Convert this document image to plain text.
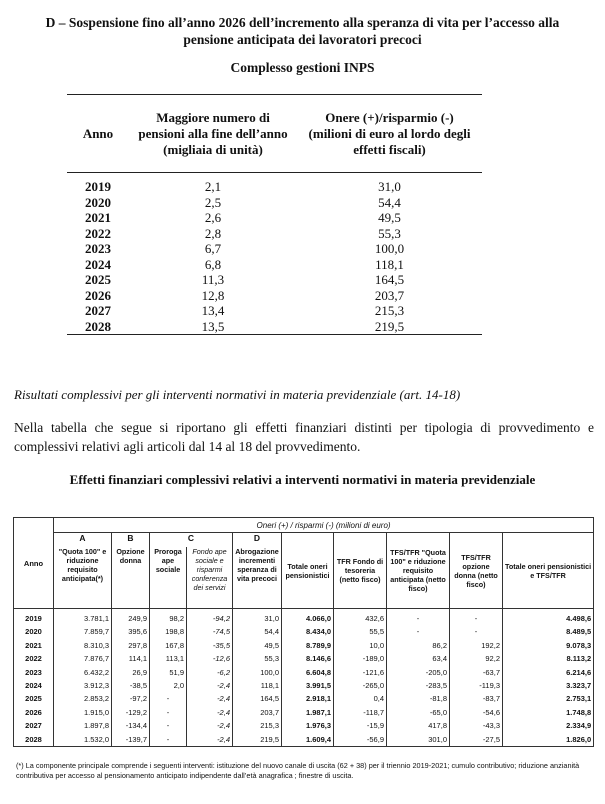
D – Sospensione fino all’anno 2026 dell’incremento alla speranza di vita per l’accesso alla pensione anticipata dei lavoratori precoci
Complesso gestioni INPS
Anno	Maggiore numero di pensioni alla fine dell’anno (migliaia di unità)	Onere (+)/risparmio (-) (milioni di euro al lordo degli effetti fiscali)
2019	2,1	31,0
2020	2,5	54,4
2021	2,6	49,5
2022	2,8	55,3
2023	6,7	100,0
2024	6,8	118,1
2025	11,3	164,5
2026	12,8	203,7
2027	13,4	215,3
2028	13,5	219,5
Risultati complessivi per gli interventi normativi in materia previdenziale (art. 14-18)
Nella tabella che segue si riportano gli effetti finanziari distinti per tipologia di provvedimento e complessivi relativi agli articoli dal 14 al 18 del provvedimento.
Effetti finanziari complessivi relativi a interventi normativi in materia previdenziale
Anno	Oneri (+) / risparmi (-) (milioni di euro)									
	A	B	C		D	Totale oneri pensionistici	TFR Fondo di tesoreria (netto fisco)	TFS/TFR "Quota 100" e riduzione requisito anticipata (netto fisco)	TFS/TFR opzione donna (netto fisco)	Totale oneri pensionistici e TFS/TFR
	"Quota 100" e riduzione requisito anticipata(*)	Opzione donna	Proroga ape sociale	Fondo ape sociale e risparmi conferenza dei servizi	Abrogazione incrementi speranza di vita precoci					
2019	3.781,1	249,9	98,2	-94,2	31,0	4.066,0	432,6	-	-	4.498,6
2020	7.859,7	395,6	198,8	-74,5	54,4	8.434,0	55,5	-	-	8.489,5
2021	8.310,3	297,8	167,8	-35,5	49,5	8.789,9	10,0	86,2	192,2	9.078,3
2022	7.876,7	114,1	113,1	-12,6	55,3	8.146,6	-189,0	63,4	92,2	8.113,2
2023	6.432,2	26,9	51,9	-6,2	100,0	6.604,8	-121,6	-205,0	-63,7	6.214,6
2024	3.912,3	-38,5	2,0	-2,4	118,1	3.991,5	-265,0	-283,5	-119,3	3.323,7
2025	2.853,2	-97,2	-	-2,4	164,5	2.918,1	0,4	-81,8	-83,7	2.753,1
2026	1.915,0	-129,2	-	-2,4	203,7	1.987,1	-118,7	-65,0	-54,6	1.748,8
2027	1.897,8	-134,4	-	-2,4	215,3	1.976,3	-15,9	417,8	-43,3	2.334,9
2028	1.532,0	-139,7	-	-2,4	219,5	1.609,4	-56,9	301,0	-27,5	1.826,0
(*) La componente principale comprende i seguenti interventi: istituzione del nuovo canale di uscita (62 + 38) per il triennio 2019-2021; cumulo contributivo; riduzione anzianità contributiva per accesso al pensionamento anticipato indipendente dall’età anagrafica ; finestre di uscita.
